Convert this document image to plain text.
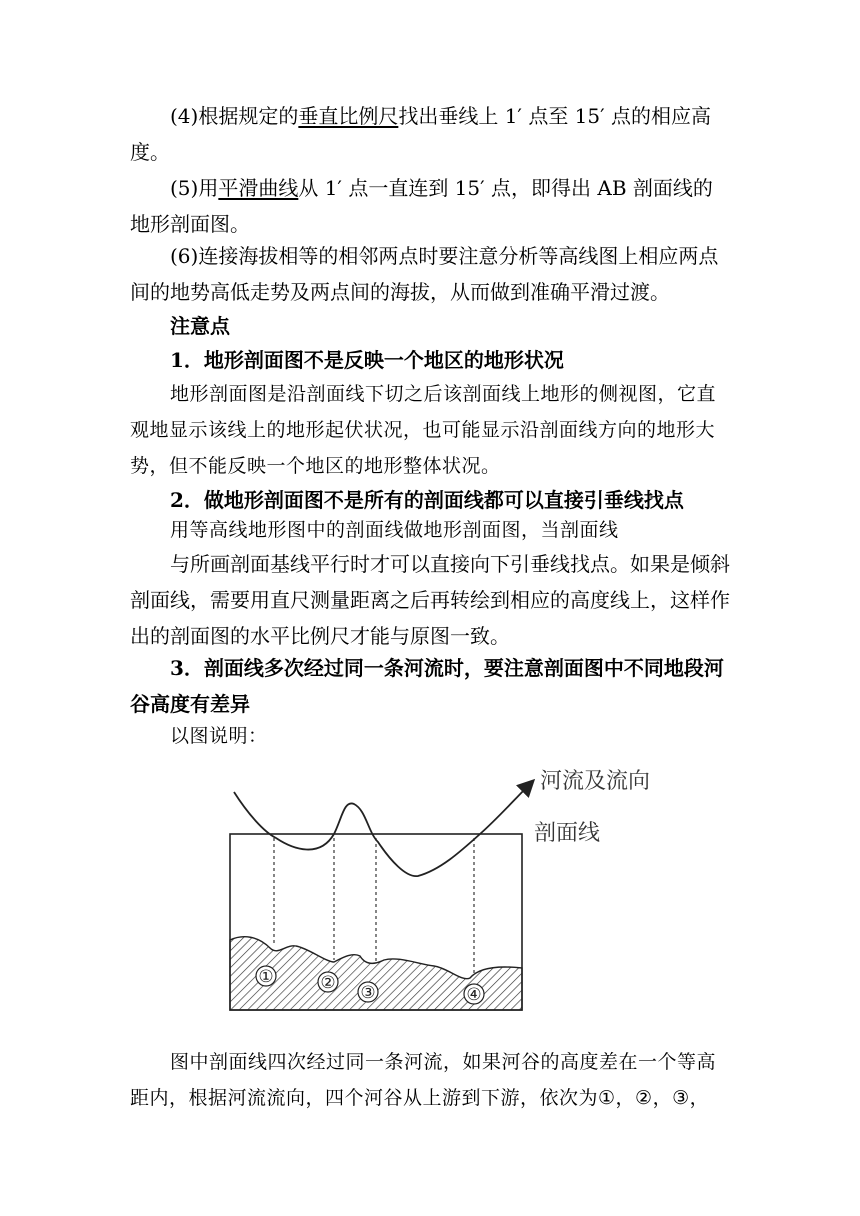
(4)根据规定的垂直比例尺找出垂线上 1′ 点至 15′ 点的相应高度。

(5)用平滑曲线从 1′ 点一直连到 15′ 点，即得出 AB 剖面线的地形剖面图。

(6)连接海拔相等的相邻两点时要注意分析等高线图上相应两点间的地势高低走势及两点间的海拔，从而做到准确平滑过渡。

注意点

1．地形剖面图不是反映一个地区的地形状况

地形剖面图是沿剖面线下切之后该剖面线上地形的侧视图，它直观地显示该线上的地形起伏状况，也可能显示沿剖面线方向的地形大势，但不能反映一个地区的地形整体状况。

2．做地形剖面图不是所有的剖面线都可以直接引垂线找点

用等高线地形图中的剖面线做地形剖面图，当剖面线

与所画剖面基线平行时才可以直接向下引垂线找点。如果是倾斜剖面线，需要用直尺测量距离之后再转绘到相应的高度线上，这样作出的剖面图的水平比例尺才能与原图一致。

3．剖面线多次经过同一条河流时，要注意剖面图中不同地段河谷高度有差异

以图说明：

河流及流向
剖面线
①	② ③	④

图中剖面线四次经过同一条河流，如果河谷的高度差在一个等高距内，根据河流流向，四个河谷从上游到下游，依次为①，②，③，
